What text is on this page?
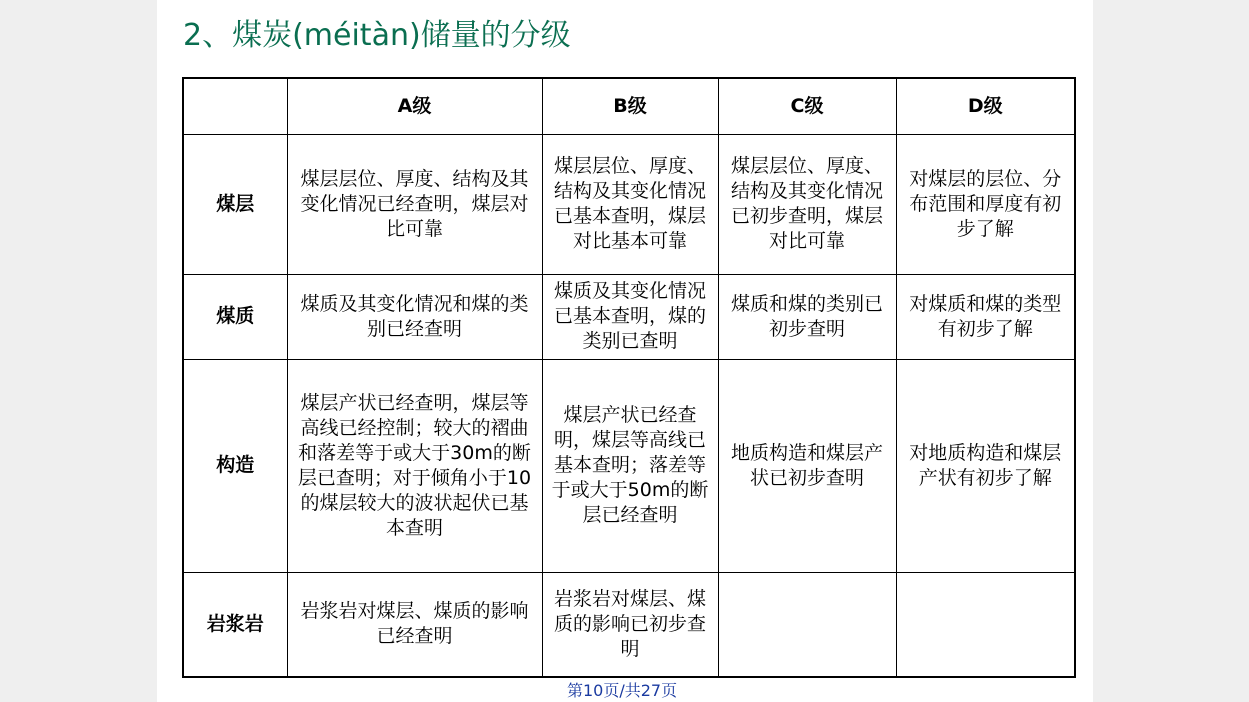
2、煤炭(méitàn)储量的分级
	A级	B级	C级	D级
煤层	煤层层位、厚度、结构及其变化情况已经查明，煤层对比可靠	煤层层位、厚度、结构及其变化情况已基本查明，煤层对比基本可靠	煤层层位、厚度、结构及其变化情况已初步查明，煤层对比可靠	对煤层的层位、分布范围和厚度有初步了解
煤质	煤质及其变化情况和煤的类别已经查明	煤质及其变化情况已基本查明，煤的类别已查明	煤质和煤的类别已初步查明	对煤质和煤的类型有初步了解
构造	煤层产状已经查明，煤层等高线已经控制；较大的褶曲和落差等于或大于30m的断层已查明；对于倾角小于10的煤层较大的波状起伏已基本查明	煤层产状已经查明，煤层等高线已基本查明；落差等于或大于50m的断层已经查明	地质构造和煤层产状已初步查明	对地质构造和煤层产状有初步了解
岩浆岩	岩浆岩对煤层、煤质的影响已经查明	岩浆岩对煤层、煤质的影响已初步查明		
第10页/共27页
